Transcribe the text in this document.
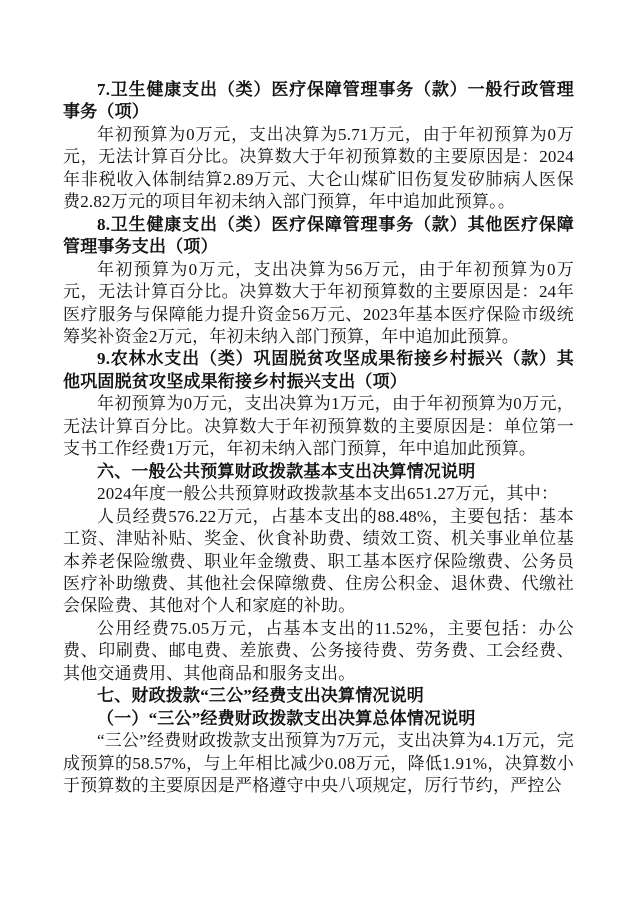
7.卫生健康支出（类）医疗保障管理事务（款）一般行政管理事务（项）

年初预算为0万元，支出决算为5.71万元，由于年初预算为0万元，无法计算百分比。决算数大于年初预算数的主要原因是：2024年非税收入体制结算2.89万元、大仑山煤矿旧伤复发矽肺病人医保费2.82万元的项目年初未纳入部门预算，年中追加此预算。。

8.卫生健康支出（类）医疗保障管理事务（款）其他医疗保障管理事务支出（项）

年初预算为0万元，支出决算为56万元，由于年初预算为0万元，无法计算百分比。决算数大于年初预算数的主要原因是：24年医疗服务与保障能力提升资金56万元、2023年基本医疗保险市级统筹奖补资金2万元，年初未纳入部门预算，年中追加此预算。

9.农林水支出（类）巩固脱贫攻坚成果衔接乡村振兴（款）其他巩固脱贫攻坚成果衔接乡村振兴支出（项）

年初预算为0万元，支出决算为1万元，由于年初预算为0万元，无法计算百分比。决算数大于年初预算数的主要原因是：单位第一支书工作经费1万元，年初未纳入部门预算，年中追加此预算。

六、一般公共预算财政拨款基本支出决算情况说明

2024年度一般公共预算财政拨款基本支出651.27万元，其中：

人员经费576.22万元，占基本支出的88.48%，主要包括：基本工资、津贴补贴、奖金、伙食补助费、绩效工资、机关事业单位基本养老保险缴费、职业年金缴费、职工基本医疗保险缴费、公务员医疗补助缴费、其他社会保障缴费、住房公积金、退休费、代缴社会保险费、其他对个人和家庭的补助。

公用经费75.05万元，占基本支出的11.52%，主要包括：办公费、印刷费、邮电费、差旅费、公务接待费、劳务费、工会经费、其他交通费用、其他商品和服务支出。

七、财政拨款“三公”经费支出决算情况说明

（一）“三公”经费财政拨款支出决算总体情况说明

“三公”经费财政拨款支出预算为7万元，支出决算为4.1万元，完成预算的58.57%，与上年相比减少0.08万元，降低1.91%，决算数小于预算数的主要原因是严格遵守中央八项规定，厉行节约，严控公
